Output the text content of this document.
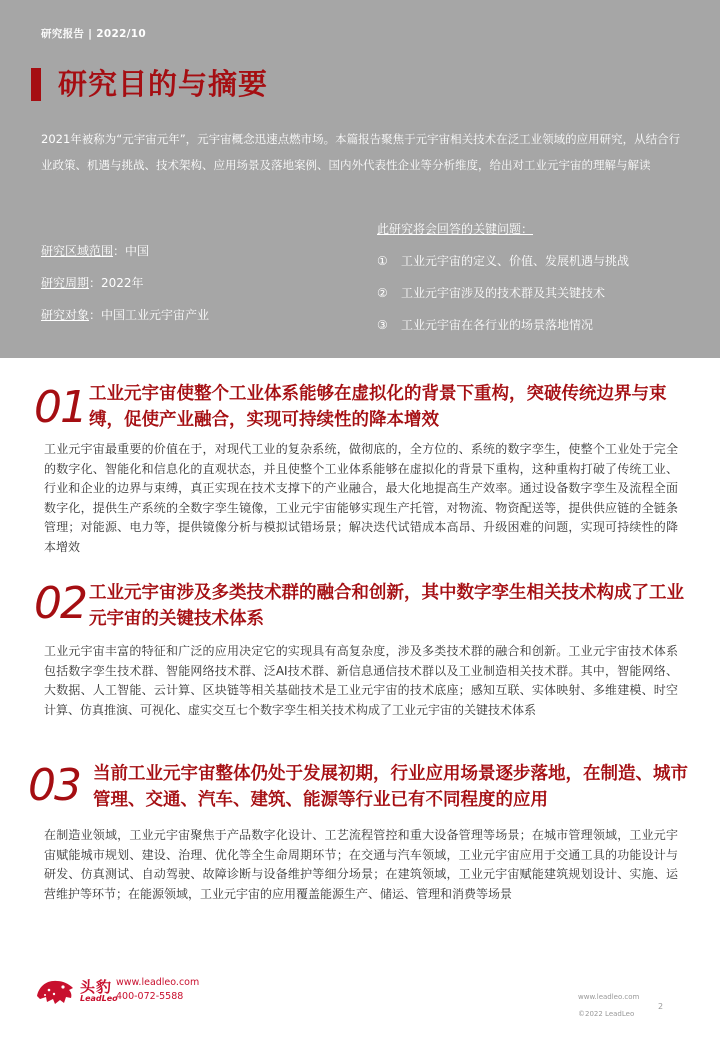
研究报告 | 2022/10
研究目的与摘要
2021年被称为“元宇宙元年”，元宇宙概念迅速点燃市场。本篇报告聚焦于元宇宙相关技术在泛工业领域的应用研究，从结合行业政策、机遇与挑战、技术架构、应用场景及落地案例、国内外代表性企业等分析维度，给出对工业元宇宙的理解与解读
研究区域范围：中国
研究周期：2022年
研究对象：中国工业元宇宙产业
此研究将会回答的关键问题：
① 工业元宇宙的定义、价值、发展机遇与挑战
② 工业元宇宙涉及的技术群及其关键技术
③ 工业元宇宙在各行业的场景落地情况
01 工业元宇宙使整个工业体系能够在虚拟化的背景下重构，突破传统边界与束缚，促使产业融合，实现可持续性的降本增效
工业元宇宙最重要的价值在于，对现代工业的复杂系统，做彻底的，全方位的、系统的数字孪生，使整个工业处于完全的数字化、智能化和信息化的直观状态，并且使整个工业体系能够在虚拟化的背景下重构，这种重构打破了传统工业、行业和企业的边界与束缚，真正实现在技术支撑下的产业融合，最大化地提高生产效率。通过设备数字孪生及流程全面数字化，提供生产系统的全数字孪生镜像，工业元宇宙能够实现生产托管，对物流、物资配送等，提供供应链的全链条管理；对能源、电力等，提供镜像分析与模拟试错场景；解决迭代试错成本高昂、升级困难的问题，实现可持续性的降本增效
02 工业元宇宙涉及多类技术群的融合和创新，其中数字孪生相关技术构成了工业元宇宙的关键技术体系
工业元宇宙丰富的特征和广泛的应用决定它的实现具有高复杂度，涉及多类技术群的融合和创新。工业元宇宙技术体系包括数字孪生技术群、智能网络技术群、泛AI技术群、新信息通信技术群以及工业制造相关技术群。其中，智能网络、大数据、人工智能、云计算、区块链等相关基础技术是工业元宇宙的技术底座；感知互联、实体映射、多维建模、时空计算、仿真推演、可视化、虚实交互七个数字孪生相关技术构成了工业元宇宙的关键技术体系
03 当前工业元宇宙整体仍处于发展初期，行业应用场景逐步落地，在制造、城市管理、交通、汽车、建筑、能源等行业已有不同程度的应用
在制造业领域，工业元宇宙聚焦于产品数字化设计、工艺流程管控和重大设备管理等场景；在城市管理领域，工业元宇宙赋能城市规划、建设、治理、优化等全生命周期环节；在交通与汽车领域，工业元宇宙应用于交通工具的功能设计与研发、仿真测试、自动驾驶、故障诊断与设备维护等细分场景；在建筑领域，工业元宇宙赋能建筑规划设计、实施、运营维护等环节；在能源领域，工业元宇宙的应用覆盖能源生产、储运、管理和消费等场景
头豹
LeadLeo
www.leadleo.com
400-072-5588	www.leadleo.com
2
©2022 LeadLeo
